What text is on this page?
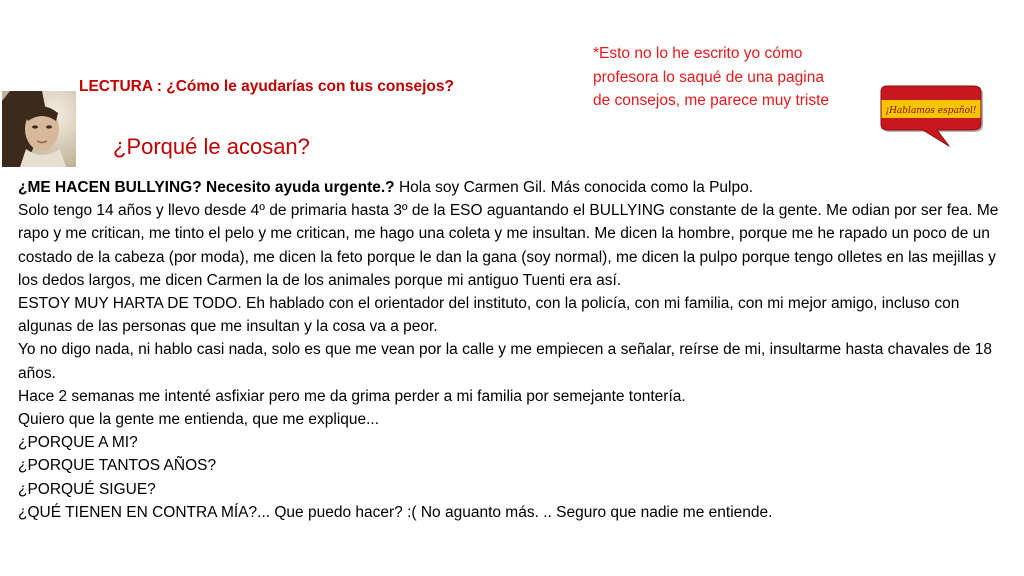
LECTURA : ¿Cómo le ayudarías con tus consejos?
*Esto no lo he escrito yo cómo profesora lo saqué de una pagina de consejos, me parece muy triste
¡Hablamos español!
¿Porqué le acosan?

¿ME HACEN BULLYING? Necesito ayuda urgente.? Hola soy Carmen Gil. Más conocida como la Pulpo.

Solo tengo 14 años y llevo desde 4º de primaria hasta 3º de la ESO aguantando el BULLYING constante de la gente. Me odian por ser fea. Me rapo y me critican, me tinto el pelo y me critican, me hago una coleta y me insultan. Me dicen la hombre, porque me he rapado un poco de un costado de la cabeza (por moda), me dicen la feto porque le dan la gana (soy normal), me dicen la pulpo porque tengo olletes en las mejillas y los dedos largos, me dicen Carmen la de los animales porque mi antiguo Tuenti era así.

ESTOY MUY HARTA DE TODO. Eh hablado con el orientador del instituto, con la policía, con mi familia, con mi mejor amigo, incluso con algunas de las personas que me insultan y la cosa va a peor.

Yo no digo nada, ni hablo casi nada, solo es que me vean por la calle y me empiecen a señalar, reírse de mi, insultarme hasta chavales de 18 años.

Hace 2 semanas me intenté asfixiar pero me da grima perder a mi familia por semejante tontería.

Quiero que la gente me entienda, que me explique...

¿PORQUE A MI?

¿PORQUE TANTOS AÑOS?

¿PORQUÉ SIGUE?

¿QUÉ TIENEN EN CONTRA MÍA?... Que puedo hacer? :( No aguanto más. .. Seguro que nadie me entiende.
